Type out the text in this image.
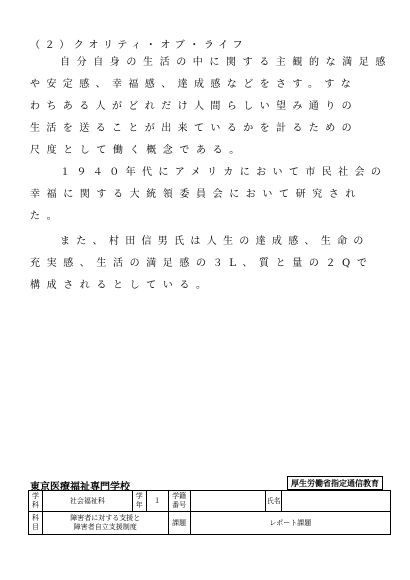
（２）クオリティ・オブ・ライフ
自分自身の生活の中に関する主観的な満足感
や安定感、幸福感、達成感などをさす。すな
わちある人がどれだけ人間らしい望み通りの
生活を送ることが出来ているかを計るための
尺度として働く概念である。
１９４０年代にアメリカにおいて市民社会の
幸福に関する大統領委員会において研究され
た。
また、村田信男氏は人生の達成感、生命の
充実感、生活の満足感の３L、質と量の２Qで
構成されるとしている。
東京医療福祉専門学校	厚生労働省指定通信教育
学科	社会福祉科	学年	１	学籍番号		氏名	
科目	障害者に対する支援と
障害者自立支援制度			課題	レポート課題		
